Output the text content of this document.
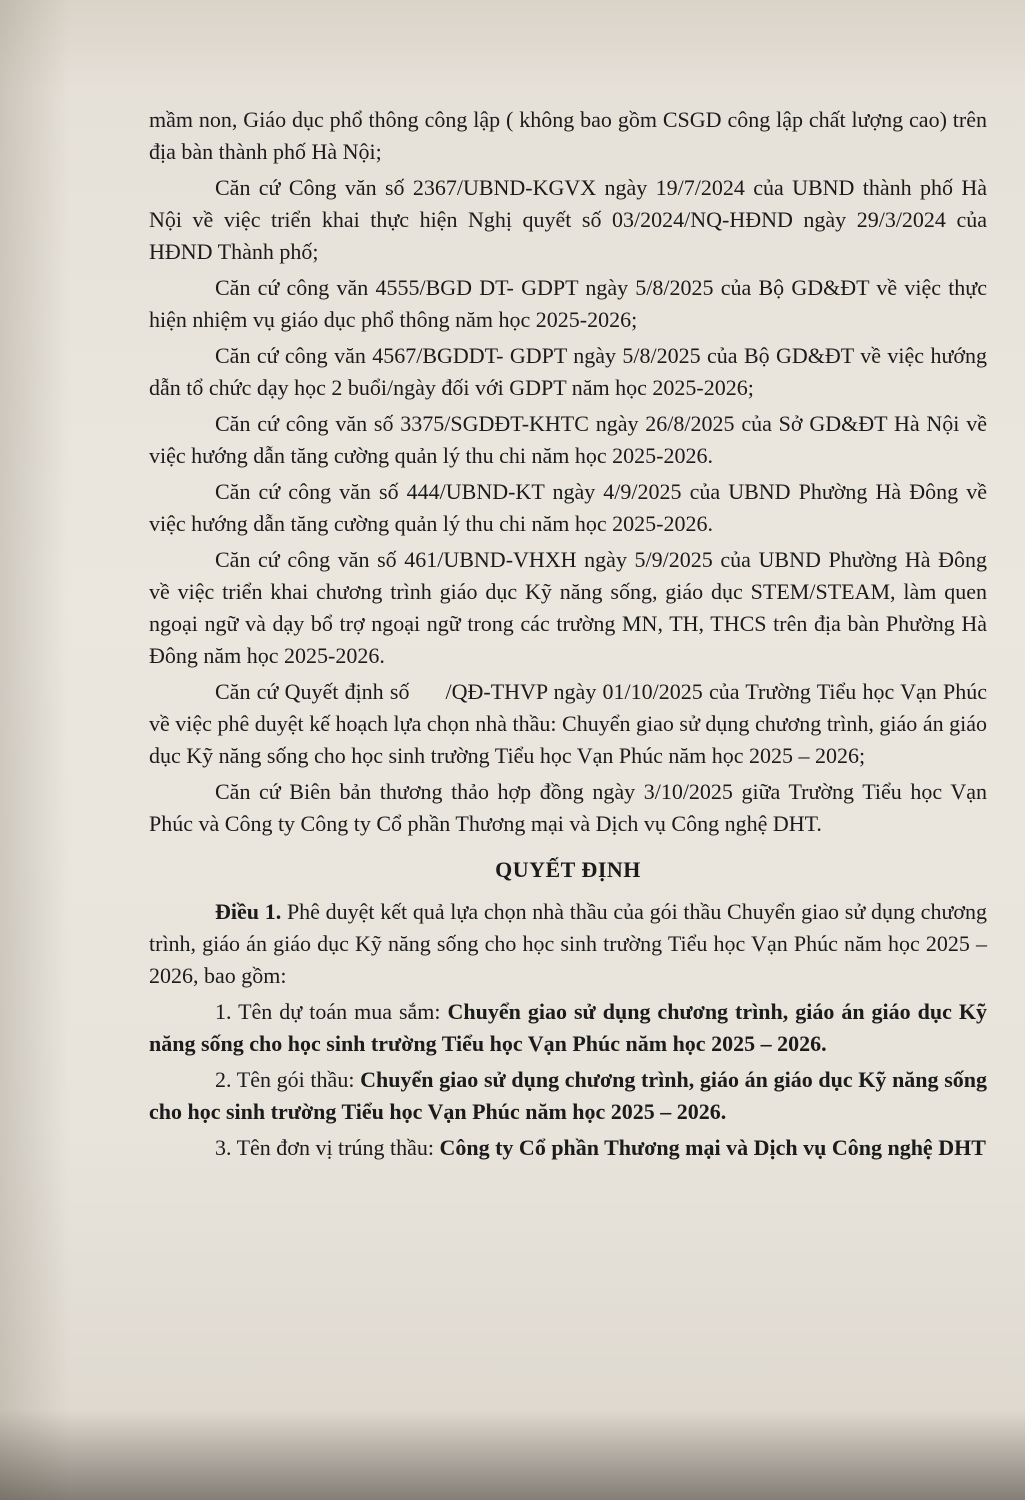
mầm non, Giáo dục phổ thông công lập ( không bao gồm CSGD công lập chất lượng cao) trên địa bàn thành phố Hà Nội;

Căn cứ Công văn số 2367/UBND-KGVX ngày 19/7/2024 của UBND thành phố Hà Nội về việc triển khai thực hiện Nghị quyết số 03/2024/NQ-HĐND ngày 29/3/2024 của HĐND Thành phố;

Căn cứ công văn 4555/BGD DT- GDPT ngày 5/8/2025 của Bộ GD&ĐT về việc thực hiện nhiệm vụ giáo dục phổ thông năm học 2025-2026;

Căn cứ công văn 4567/BGDDT- GDPT ngày 5/8/2025 của Bộ GD&ĐT về việc hướng dẫn tổ chức dạy học 2 buổi/ngày đối với GDPT năm học 2025-2026;

Căn cứ công văn số 3375/SGDĐT-KHTC ngày 26/8/2025 của Sở GD&ĐT Hà Nội về việc hướng dẫn tăng cường quản lý thu chi năm học 2025-2026.

Căn cứ công văn số 444/UBND-KT ngày 4/9/2025 của UBND Phường Hà Đông về việc hướng dẫn tăng cường quản lý thu chi năm học 2025-2026.

Căn cứ công văn số 461/UBND-VHXH ngày 5/9/2025 của UBND Phường Hà Đông về việc triển khai chương trình giáo dục Kỹ năng sống, giáo dục STEM/STEAM, làm quen ngoại ngữ và dạy bổ trợ ngoại ngữ trong các trường MN, TH, THCS trên địa bàn Phường Hà Đông năm học 2025-2026.

Căn cứ Quyết định số /QĐ-THVP ngày 01/10/2025 của Trường Tiểu học Vạn Phúc về việc phê duyệt kế hoạch lựa chọn nhà thầu: Chuyển giao sử dụng chương trình, giáo án giáo dục Kỹ năng sống cho học sinh trường Tiểu học Vạn Phúc năm học 2025 – 2026;

Căn cứ Biên bản thương thảo hợp đồng ngày 3/10/2025 giữa Trường Tiểu học Vạn Phúc và Công ty Công ty Cổ phần Thương mại và Dịch vụ Công nghệ DHT.

QUYẾT ĐỊNH

Điều 1. Phê duyệt kết quả lựa chọn nhà thầu của gói thầu Chuyển giao sử dụng chương trình, giáo án giáo dục Kỹ năng sống cho học sinh trường Tiểu học Vạn Phúc năm học 2025 – 2026, bao gồm:

1. Tên dự toán mua sắm: Chuyển giao sử dụng chương trình, giáo án giáo dục Kỹ năng sống cho học sinh trường Tiểu học Vạn Phúc năm học 2025 – 2026.

2. Tên gói thầu: Chuyển giao sử dụng chương trình, giáo án giáo dục Kỹ năng sống cho học sinh trường Tiểu học Vạn Phúc năm học 2025 – 2026.

3. Tên đơn vị trúng thầu: Công ty Cổ phần Thương mại và Dịch vụ Công nghệ DHT
